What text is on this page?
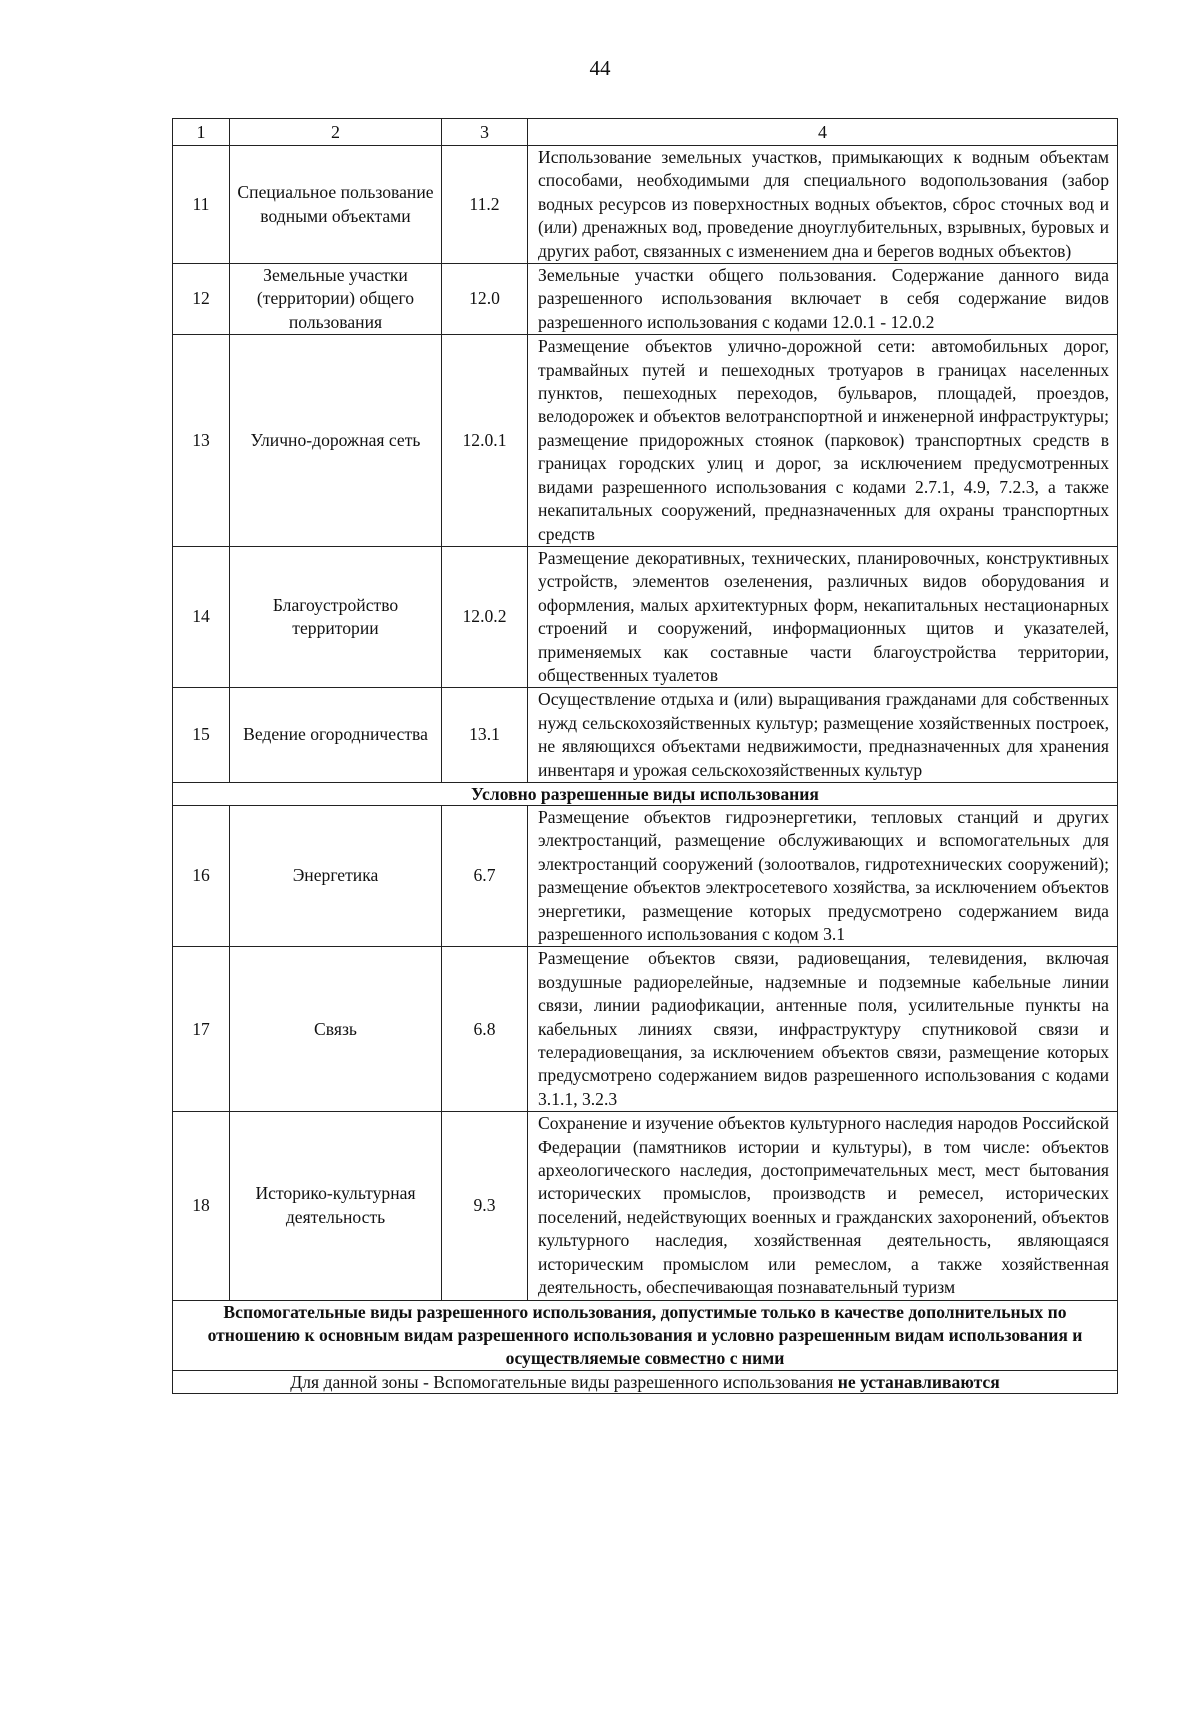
44
1	2	3	4
11	Специальное пользование водными объектами	11.2	Использование земельных участков, примыкающих к водным объектам способами, необходимыми для специального водопользования (забор водных ресурсов из поверхностных водных объектов, сброс сточных вод и (или) дренажных вод, проведение дноуглубительных, взрывных, буровых и других работ, связанных с изменением дна и берегов водных объектов)
12	Земельные участки (территории) общего пользования	12.0	Земельные участки общего пользования. Содержание данного вида разрешенного использования включает в себя содержание видов разрешенного использования с кодами 12.0.1 - 12.0.2
13	Улично-дорожная сеть	12.0.1	Размещение объектов улично-дорожной сети: автомобильных дорог, трамвайных путей и пешеходных тротуаров в границах населенных пунктов, пешеходных переходов, бульваров, площадей, проездов, велодорожек и объектов велотранспортной и инженерной инфраструктуры; размещение придорожных стоянок (парковок) транспортных средств в границах городских улиц и дорог, за исключением предусмотренных видами разрешенного использования с кодами 2.7.1, 4.9, 7.2.3, а также некапитальных сооружений, предназначенных для охраны транспортных средств
14	Благоустройство территории	12.0.2	Размещение декоративных, технических, планировочных, конструктивных устройств, элементов озеленения, различных видов оборудования и оформления, малых архитектурных форм, некапитальных нестационарных строений и сооружений, информационных щитов и указателей, применяемых как составные части благоустройства территории, общественных туалетов
15	Ведение огородничества	13.1	Осуществление отдыха и (или) выращивания гражданами для собственных нужд сельскохозяйственных культур; размещение хозяйственных построек, не являющихся объектами недвижимости, предназначенных для хранения инвентаря и урожая сельскохозяйственных культур
Условно разрешенные виды использования			
16	Энергетика	6.7	Размещение объектов гидроэнергетики, тепловых станций и других электростанций, размещение обслуживающих и вспомогательных для электростанций сооружений (золоотвалов, гидротехнических сооружений); размещение объектов электросетевого хозяйства, за исключением объектов энергетики, размещение которых предусмотрено содержанием вида разрешенного использования с кодом 3.1
17	Связь	6.8	Размещение объектов связи, радиовещания, телевидения, включая воздушные радиорелейные, надземные и подземные кабельные линии связи, линии радиофикации, антенные поля, усилительные пункты на кабельных линиях связи, инфраструктуру спутниковой связи и телерадиовещания, за исключением объектов связи, размещение которых предусмотрено содержанием видов разрешенного использования с кодами 3.1.1, 3.2.3
18	Историко-культурная деятельность	9.3	Сохранение и изучение объектов культурного наследия народов Российской Федерации (памятников истории и культуры), в том числе: объектов археологического наследия, достопримечательных мест, мест бытования исторических промыслов, производств и ремесел, исторических поселений, недействующих военных и гражданских захоронений, объектов культурного наследия, хозяйственная деятельность, являющаяся историческим промыслом или ремеслом, а также хозяйственная деятельность, обеспечивающая познавательный туризм
Вспомогательные виды разрешенного использования, допустимые только в качестве дополнительных по отношению к основным видам разрешенного использования и условно разрешенным видам использования и осуществляемые совместно с ними			
Для данной зоны - Вспомогательные виды разрешенного использования не устанавливаются			
